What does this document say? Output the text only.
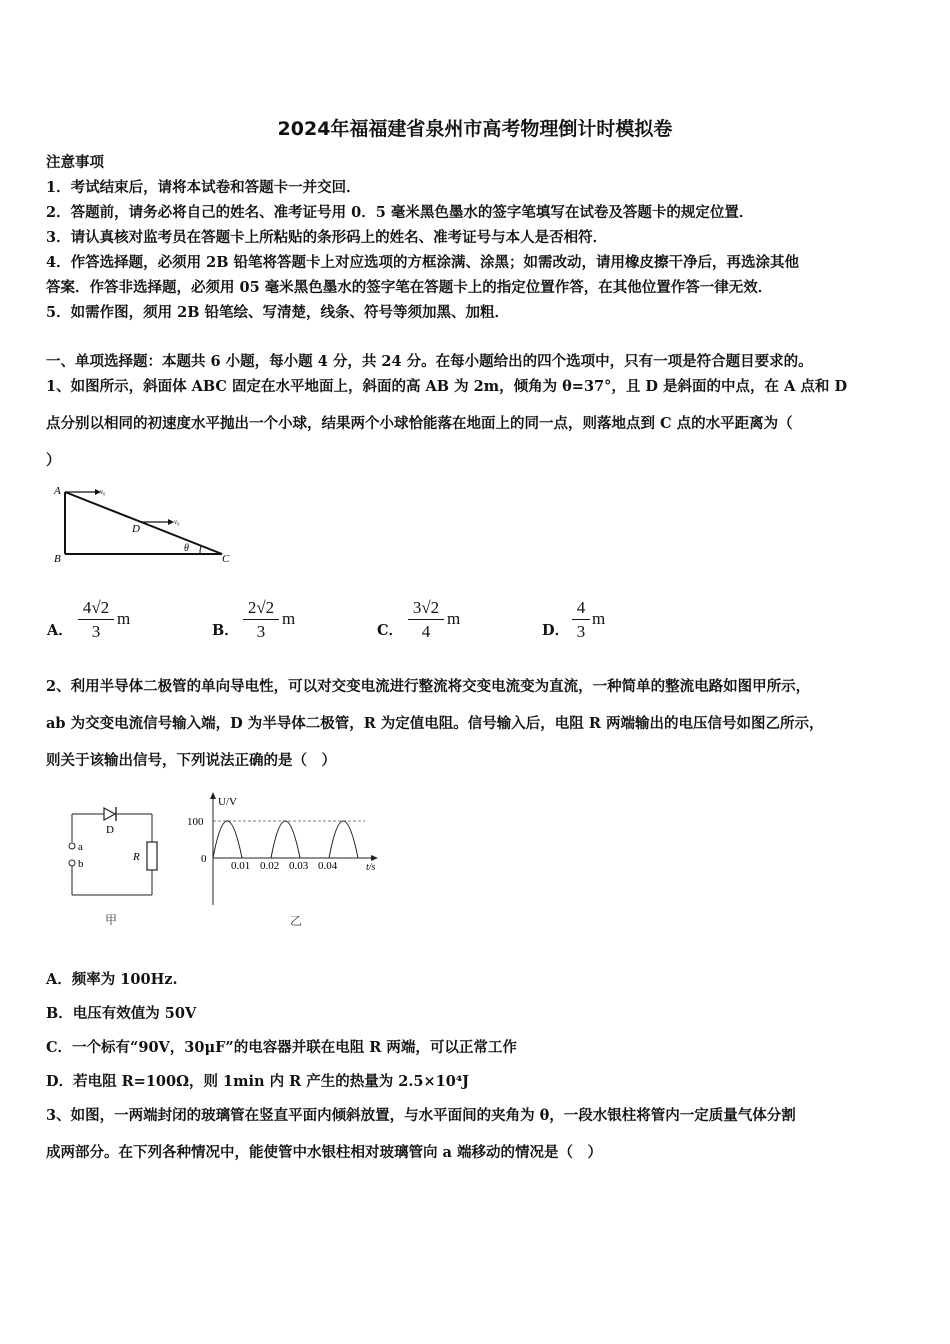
2024年福福建省泉州市高考物理倒计时模拟卷
注意事项
1．考试结束后，请将本试卷和答题卡一并交回．
2．答题前，请务必将自己的姓名、准考证号用 0．5 毫米黑色墨水的签字笔填写在试卷及答题卡的规定位置．
3．请认真核对监考员在答题卡上所粘贴的条形码上的姓名、准考证号与本人是否相符．
4．作答选择题，必须用 2B 铅笔将答题卡上对应选项的方框涂满、涂黑；如需改动，请用橡皮擦干净后，再选涂其他
答案．作答非选择题，必须用 05 毫米黑色墨水的签字笔在答题卡上的指定位置作答，在其他位置作答一律无效．
5．如需作图，须用 2B 铅笔绘、写清楚，线条、符号等须加黑、加粗．
一、单项选择题：本题共 6 小题，每小题 4 分，共 24 分。在每小题给出的四个选项中，只有一项是符合题目要求的。
1、如图所示，斜面体 ABC 固定在水平地面上，斜面的高 AB 为 2m，倾角为 θ=37°，且 D 是斜面的中点，在 A 点和 D
点分别以相同的初速度水平抛出一个小球，结果两个小球恰能落在地面上的同一点，则落地点到 C 点的水平距离为（
）
A
B	C
D
θ
v₀
v₀
A． $\frac{4√2}{3}$ m
B． $\frac{2√2}{3}$ m
C． $\frac{3√2}{4}$ m
D． $\frac{4}{3}$ m
2、利用半导体二极管的单向导电性，可以对交变电流进行整流将交变电流变为直流，一种简单的整流电路如图甲所示，
ab 为交变电流信号输入端，D 为半导体二极管，R 为定值电阻。信号输入后，电阻 R 两端输出的电压信号如图乙所示，
则关于该输出信号，下列说法正确的是（　）
D
a
b
R
甲
U/V
100
0
0.01 0.02 0.03 0.04	t/s
乙
A．频率为 100Hz.
B．电压有效值为 50V
C．一个标有“90V，30μF”的电容器并联在电阻 R 两端，可以正常工作
D．若电阻 R=100Ω，则 1min 内 R 产生的热量为 2.5×10⁴J
3、如图，一两端封闭的玻璃管在竖直平面内倾斜放置，与水平面间的夹角为 θ，一段水银柱将管内一定质量气体分割
成两部分。在下列各种情况中，能使管中水银柱相对玻璃管向 a 端移动的情况是（　）
